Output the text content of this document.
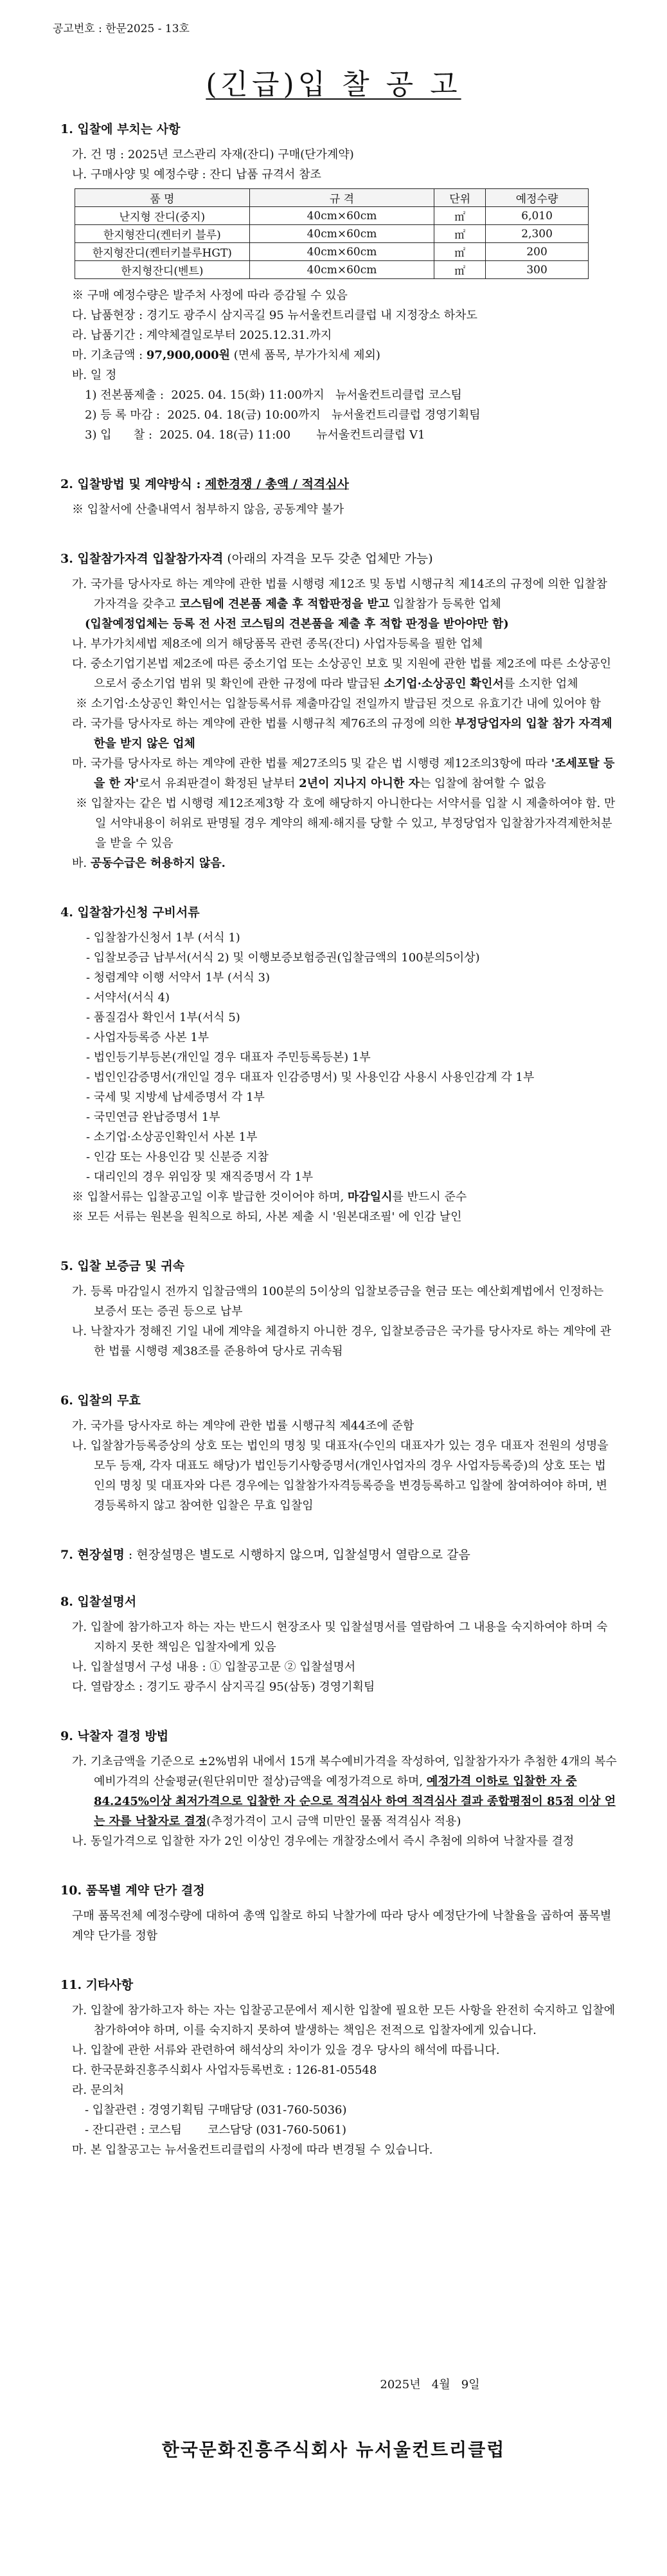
공고번호 : 한문2025 - 13호
(긴급)입 찰 공 고
1. 입찰에 부치는 사항
가. 건 명 : 2025년 코스관리 자재(잔디) 구매(단가계약)
나. 구매사양 및 예정수량 : 잔디 납품 규격서 참조
품 명	규 격	단위	예정수량
난지형 잔디(중지)	40cm×60cm	㎡	6,010
한지형잔디(켄터키 블루)	40cm×60cm	㎡	2,300
한지형잔디(켄터키블루HGT)	40cm×60cm	㎡	200
한지형잔디(벤트)	40cm×60cm	㎡	300
※ 구매 예정수량은 발주처 사정에 따라 증감될 수 있음
다. 납품현장 : 경기도 광주시 삼지곡길 95 뉴서울컨트리클럽 내 지정장소 하차도
라. 납품기간 : 계약체결일로부터 2025.12.31.까지
마. 기초금액 : 97,900,000원 (면세 품목, 부가가치세 제외)
바. 일 정
1) 전본품제출 :  2025. 04. 15(화) 11:00까지   뉴서울컨트리클럽 코스팀
2) 등 록 마감 :  2025. 04. 18(금) 10:00까지   뉴서울컨트리클럽 경영기획팀
3) 입      찰 :  2025. 04. 18(금) 11:00       뉴서울컨트리클럽 V1
2. 입찰방법 및 계약방식 : 제한경쟁 / 총액 / 적격심사
※ 입찰서에 산출내역서 첨부하지 않음, 공동계약 불가
3. 입찰참가자격 입찰참가자격 (아래의 자격을 모두 갖춘 업체만 가능)
가. 국가를 당사자로 하는 계약에 관한 법률 시행령 제12조 및 동법 시행규칙 제14조의 규정에 의한 입찰참가자격을 갖추고 코스팀에 견본품 제출 후 적합판정을 받고 입찰참가 등록한 업체
(입찰예정업체는 등록 전 사전 코스팀의 견본품을 제출 후 적합 판정을 받아야만 함)
나. 부가가치세법 제8조에 의거 해당품목 관련 종목(잔디) 사업자등록을 필한 업체
다. 중소기업기본법 제2조에 따른 중소기업 또는 소상공인 보호 및 지원에 관한 법률 제2조에 따른 소상공인으로서 중소기업 범위 및 확인에 관한 규정에 따라 발급된 소기업·소상공인 확인서를 소지한 업체
※ 소기업·소상공인 확인서는 입찰등록서류 제출마감일 전일까지 발급된 것으로 유효기간 내에 있어야 함
라. 국가를 당사자로 하는 계약에 관한 법률 시행규칙 제76조의 규정에 의한 부정당업자의 입찰 참가 자격제한을 받지 않은 업체
마. 국가를 당사자로 하는 계약에 관한 법률 제27조의5 및 같은 법 시행령 제12조의3항에 따라 '조세포탈 등을 한 자'로서 유죄판결이 확정된 날부터 2년이 지나지 아니한 자는 입찰에 참여할 수 없음
※ 입찰자는 같은 법 시행령 제12조제3항 각 호에 해당하지 아니한다는 서약서를 입찰 시 제출하여야 함. 만일 서약내용이 허위로 판명될 경우 계약의 해제·해지를 당할 수 있고, 부정당업자 입찰참가자격제한처분을 받을 수 있음
바. 공동수급은 허용하지 않음.
4. 입찰참가신청 구비서류
- 입찰참가신청서 1부 (서식 1)
- 입찰보증금 납부서(서식 2) 및 이행보증보험증권(입찰금액의 100분의5이상)
- 청렴계약 이행 서약서 1부 (서식 3)
- 서약서(서식 4)
- 품질검사 확인서 1부(서식 5)
- 사업자등록증 사본 1부
- 법인등기부등본(개인일 경우 대표자 주민등록등본) 1부
- 법인인감증명서(개인일 경우 대표자 인감증명서) 및 사용인감 사용시 사용인감계 각 1부
- 국세 및 지방세 납세증명서 각 1부
- 국민연금 완납증명서 1부
- 소기업·소상공인확인서 사본 1부
- 인감 또는 사용인감 및 신분증 지참
- 대리인의 경우 위임장 및 재직증명서 각 1부
※ 입찰서류는 입찰공고일 이후 발급한 것이어야 하며, 마감일시를 반드시 준수
※ 모든 서류는 원본을 원칙으로 하되, 사본 제출 시 '원본대조필' 에 인감 날인
5. 입찰 보증금 및 귀속
가. 등록 마감일시 전까지 입찰금액의 100분의 5이상의 입찰보증금을 현금 또는 예산회계법에서 인정하는 보증서 또는 증권 등으로 납부
나. 낙찰자가 정해진 기일 내에 계약을 체결하지 아니한 경우, 입찰보증금은 국가를 당사자로 하는 계약에 관한 법률 시행령 제38조를 준용하여 당사로 귀속됨
6. 입찰의 무효
가. 국가를 당사자로 하는 계약에 관한 법률 시행규칙 제44조에 준함
나. 입찰참가등록증상의 상호 또는 법인의 명칭 및 대표자(수인의 대표자가 있는 경우 대표자 전원의 성명을 모두 등재, 각자 대표도 해당)가 법인등기사항증명서(개인사업자의 경우 사업자등록증)의 상호 또는 법인의 명칭 및 대표자와 다른 경우에는 입찰참가자격등록증을 변경등록하고 입찰에 참여하여야 하며, 변경등록하지 않고 참여한 입찰은 무효 입찰임
7. 현장설명 : 현장설명은 별도로 시행하지 않으며, 입찰설명서 열람으로 갈음
8. 입찰설명서
가. 입찰에 참가하고자 하는 자는 반드시 현장조사 및 입찰설명서를 열람하여 그 내용을 숙지하여야 하며 숙지하지 못한 책임은 입찰자에게 있음
나. 입찰설명서 구성 내용 : ① 입찰공고문 ② 입찰설명서
다. 열람장소 : 경기도 광주시 삼지곡길 95(삼동) 경영기획팀
9. 낙찰자 결정 방법
가. 기초금액을 기준으로 ±2%범위 내에서 15개 복수예비가격을 작성하여, 입찰참가자가 추첨한 4개의 복수예비가격의 산술평균(원단위미만 절상)금액을 예정가격으로 하며, 예정가격 이하로 입찰한 자 중 84.245%이상 최저가격으로 입찰한 자 순으로 적격심사 하여 적격심사 결과 종합평점이 85점 이상 얻는 자를 낙찰자로 결정(추정가격이 고시 금액 미만인 물품 적격심사 적용)
나. 동일가격으로 입찰한 자가 2인 이상인 경우에는 개찰장소에서 즉시 추첨에 의하여 낙찰자를 결정
10. 품목별 계약 단가 결정
구매 품목전체 예정수량에 대하여 총액 입찰로 하되 낙찰가에 따라 당사 예정단가에 낙찰율을 곱하여 품목별 계약 단가를 정함
11. 기타사항
가. 입찰에 참가하고자 하는 자는 입찰공고문에서 제시한 입찰에 필요한 모든 사항을 완전히 숙지하고 입찰에 참가하여야 하며, 이를 숙지하지 못하여 발생하는 책임은 전적으로 입찰자에게 있습니다.
나. 입찰에 관한 서류와 관련하여 해석상의 차이가 있을 경우 당사의 해석에 따릅니다.
다. 한국문화진흥주식회사 사업자등록번호 : 126-81-05548
라. 문의처
- 입찰관련 : 경영기획팀 구매담당 (031-760-5036)
- 잔디관련 : 코스팀       코스담당 (031-760-5061)
마. 본 입찰공고는 뉴서울컨트리클럽의 사정에 따라 변경될 수 있습니다.
2025년   4월   9일
한국문화진흥주식회사 뉴서울컨트리클럽
